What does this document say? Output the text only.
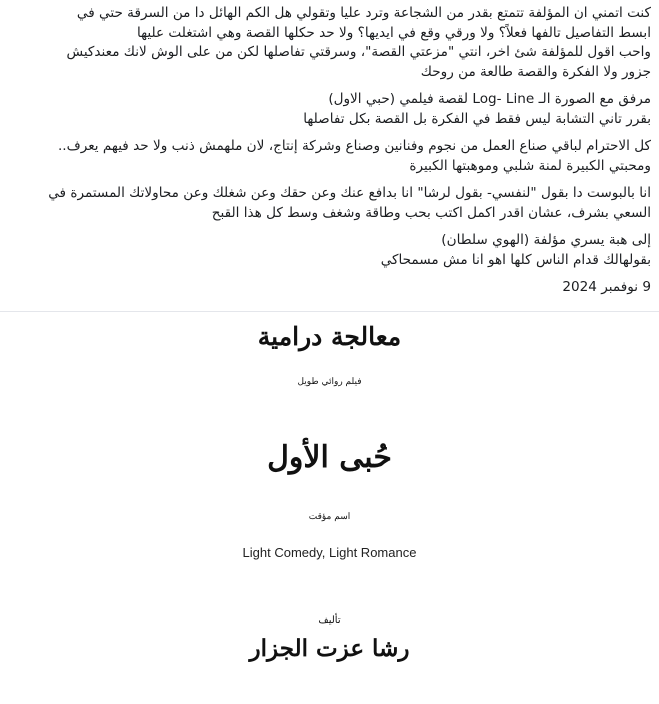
كنت اتمني ان المؤلفة تتمتع بقدر من الشجاعة وترد عليا وتقولي هل الكم الهائل دا من السرقة حتي في
ابسط التفاصيل تالفها فعلاً؟ ولا ورقي وقع في ايديها؟ ولا حد حكلها القصة وهي اشتغلت عليها
واحب اقول للمؤلفة شئ اخر، انتي "مزعتي القصة"، وسرقتي تفاصلها لكن من على الوش لانك معندكيش
جزور ولا الفكرة والقصة طالعة من روحك

مرفق مع الصورة الـ Log- Line لقصة فيلمي (حبي الاول)
بقرر تاني التشابة ليس فقط في الفكرة بل القصة بكل تفاصلها

كل الاحترام لباقي صناع العمل من نجوم وفنانين وصناع وشركة إنتاج، لان ملهمش ذنب ولا حد فيهم يعرف..
ومحبتي الكبيرة لمنة شلبي وموهبتها الكبيرة

انا بالبوست دا بقول "لنفسي- بقول لرشا" انا بدافع عنك وعن حقك وعن شغلك وعن محاولاتك المستمرة في
السعي بشرف، عشان اقدر اكمل اكتب بحب وطاقة وشغف وسط كل هذا القبح

إلى هبة يسري مؤلفة (الهوي سلطان)
بقولهالك قدام الناس كلها اهو انا مش مسمحاكي

9 نوفمبر 2024

معالجة درامية
فيلم روائي طويل
حُبى الأول
اسم مؤقت
Light Comedy, Light Romance
تأليف
رشا عزت الجزار
